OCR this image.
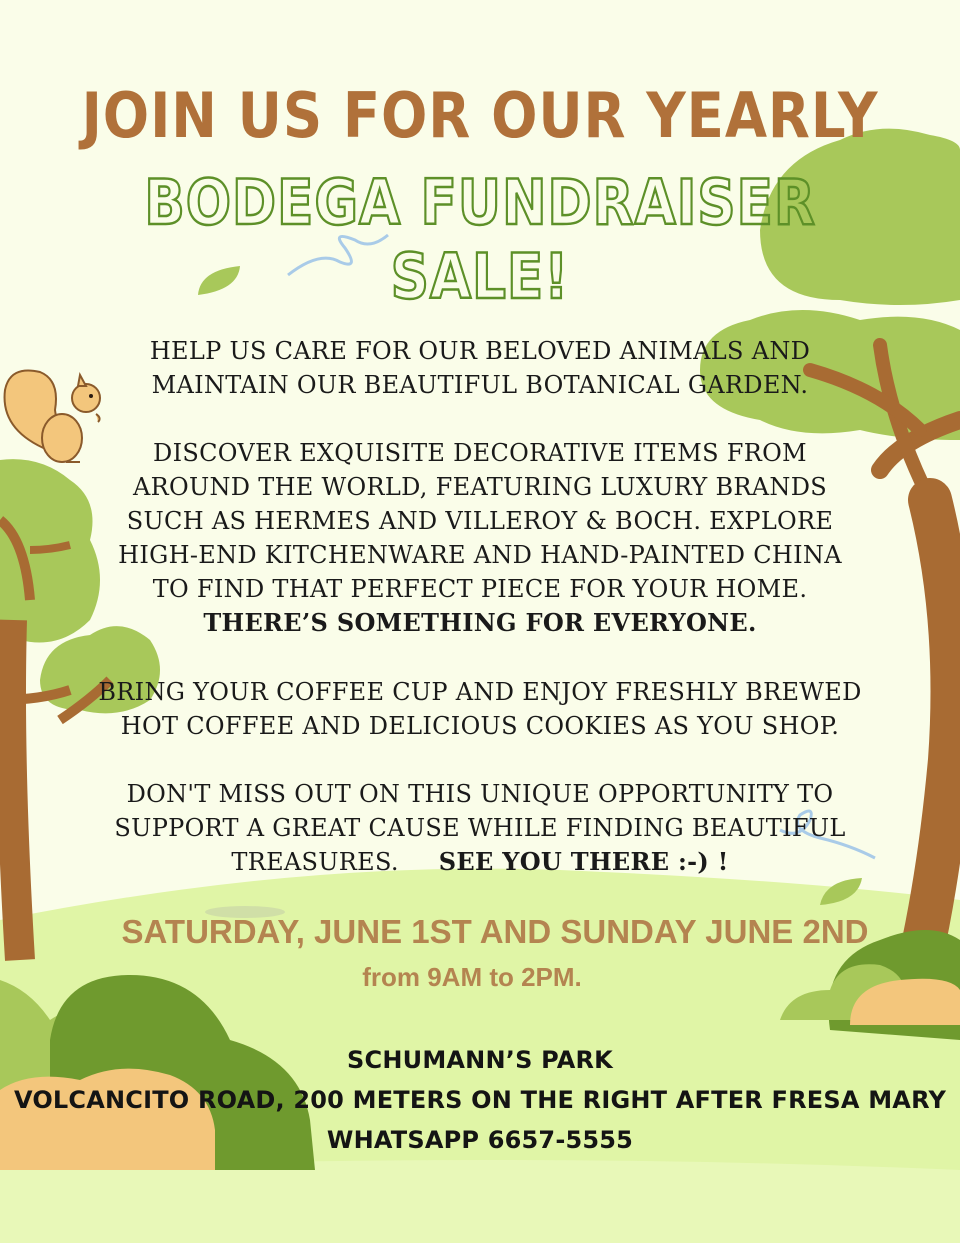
JOIN US FOR OUR YEARLY
BODEGA FUNDRAISER SALE!
HELP US CARE FOR OUR BELOVED ANIMALS AND
MAINTAIN OUR BEAUTIFUL BOTANICAL GARDEN.
DISCOVER EXQUISITE DECORATIVE ITEMS FROM
AROUND THE WORLD, FEATURING LUXURY BRANDS
SUCH AS HERMES AND VILLEROY & BOCH. EXPLORE
HIGH-END KITCHENWARE AND HAND-PAINTED CHINA
TO FIND THAT PERFECT PIECE FOR YOUR HOME.
THERE’S SOMETHING FOR EVERYONE.
BRING YOUR COFFEE CUP AND ENJOY FRESHLY BREWED
HOT COFFEE AND DELICIOUS COOKIES AS YOU SHOP.
DON'T MISS OUT ON THIS UNIQUE OPPORTUNITY TO
SUPPORT A GREAT CAUSE WHILE FINDING BEAUTIFUL
TREASURES. SEE YOU THERE :-) !
SATURDAY, JUNE 1ST AND SUNDAY JUNE 2ND
from 9AM to 2PM.
SCHUMANN’S PARK
VOLCANCITO ROAD, 200 METERS ON THE RIGHT AFTER FRESA MARY
WHATSAPP 6657-5555
